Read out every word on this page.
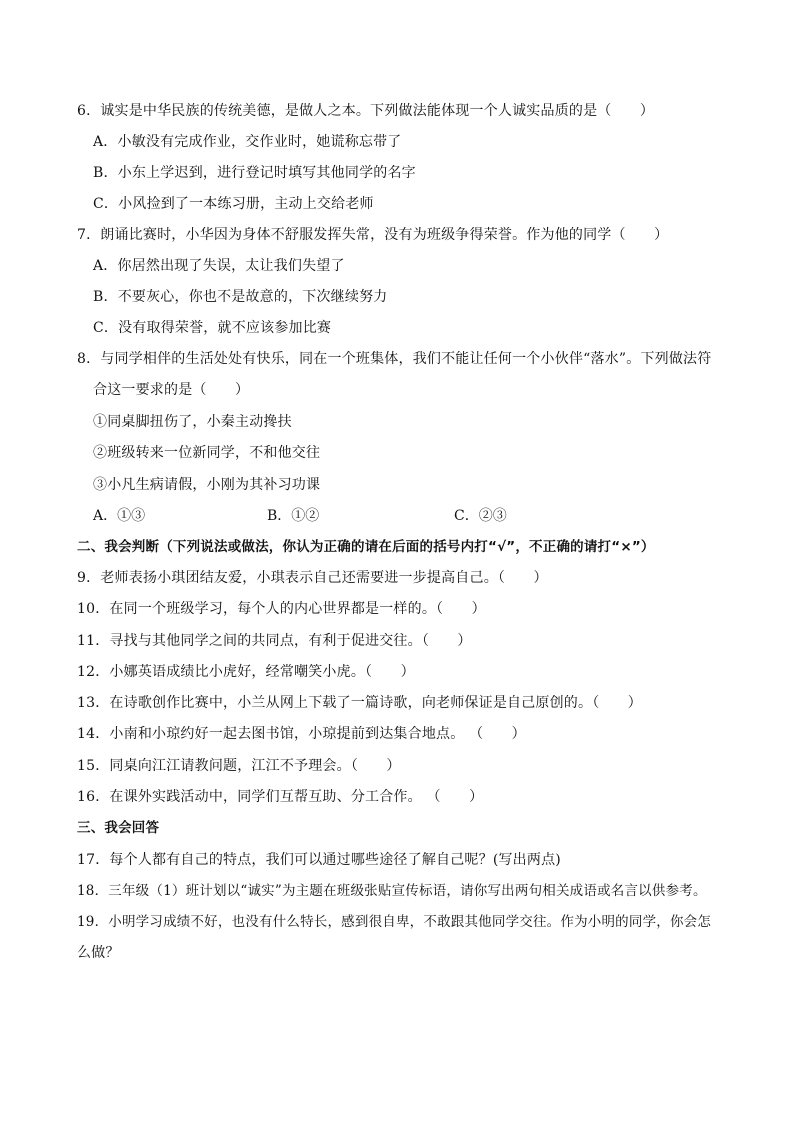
6．诚实是中华民族的传统美德，是做人之本。下列做法能体现一个人诚实品质的是（　　）
A．小敏没有完成作业，交作业时，她谎称忘带了
B．小东上学迟到，进行登记时填写其他同学的名字
C．小风捡到了一本练习册，主动上交给老师
7．朗诵比赛时，小华因为身体不舒服发挥失常，没有为班级争得荣誉。作为他的同学（　　）
A．你居然出现了失误，太让我们失望了
B．不要灰心，你也不是故意的，下次继续努力
C．没有取得荣誉，就不应该参加比赛
8．与同学相伴的生活处处有快乐，同在一个班集体，我们不能让任何一个小伙伴“落水”。下列做法符
合这一要求的是（　　）
①同桌脚扭伤了，小秦主动搀扶
②班级转来一位新同学，不和他交往
③小凡生病请假，小刚为其补习功课
A．①③	B．①②	C．②③
二、我会判断（下列说法或做法，你认为正确的请在后面的括号内打“√”，不正确的请打“×”）
9．老师表扬小琪团结友爱，小琪表示自己还需要进一步提高自己。（　　）
10．在同一个班级学习，每个人的内心世界都是一样的。（　　）
11．寻找与其他同学之间的共同点，有利于促进交往。（　　）
12．小娜英语成绩比小虎好，经常嘲笑小虎。（　　）
13．在诗歌创作比赛中，小兰从网上下载了一篇诗歌，向老师保证是自己原创的。（　　）
14．小南和小琼约好一起去图书馆，小琼提前到达集合地点。 （　　）
15．同桌向江江请教问题，江江不予理会。（　　）
16．在课外实践活动中，同学们互帮互助、分工合作。 （　　）
三、我会回答
17．每个人都有自己的特点，我们可以通过哪些途径了解自己呢？(写出两点)
18．三年级（1）班计划以“诚实”为主题在班级张贴宣传标语，请你写出两句相关成语或名言以供参考。
19．小明学习成绩不好，也没有什么特长，感到很自卑，不敢跟其他同学交往。作为小明的同学，你会怎
么做？
